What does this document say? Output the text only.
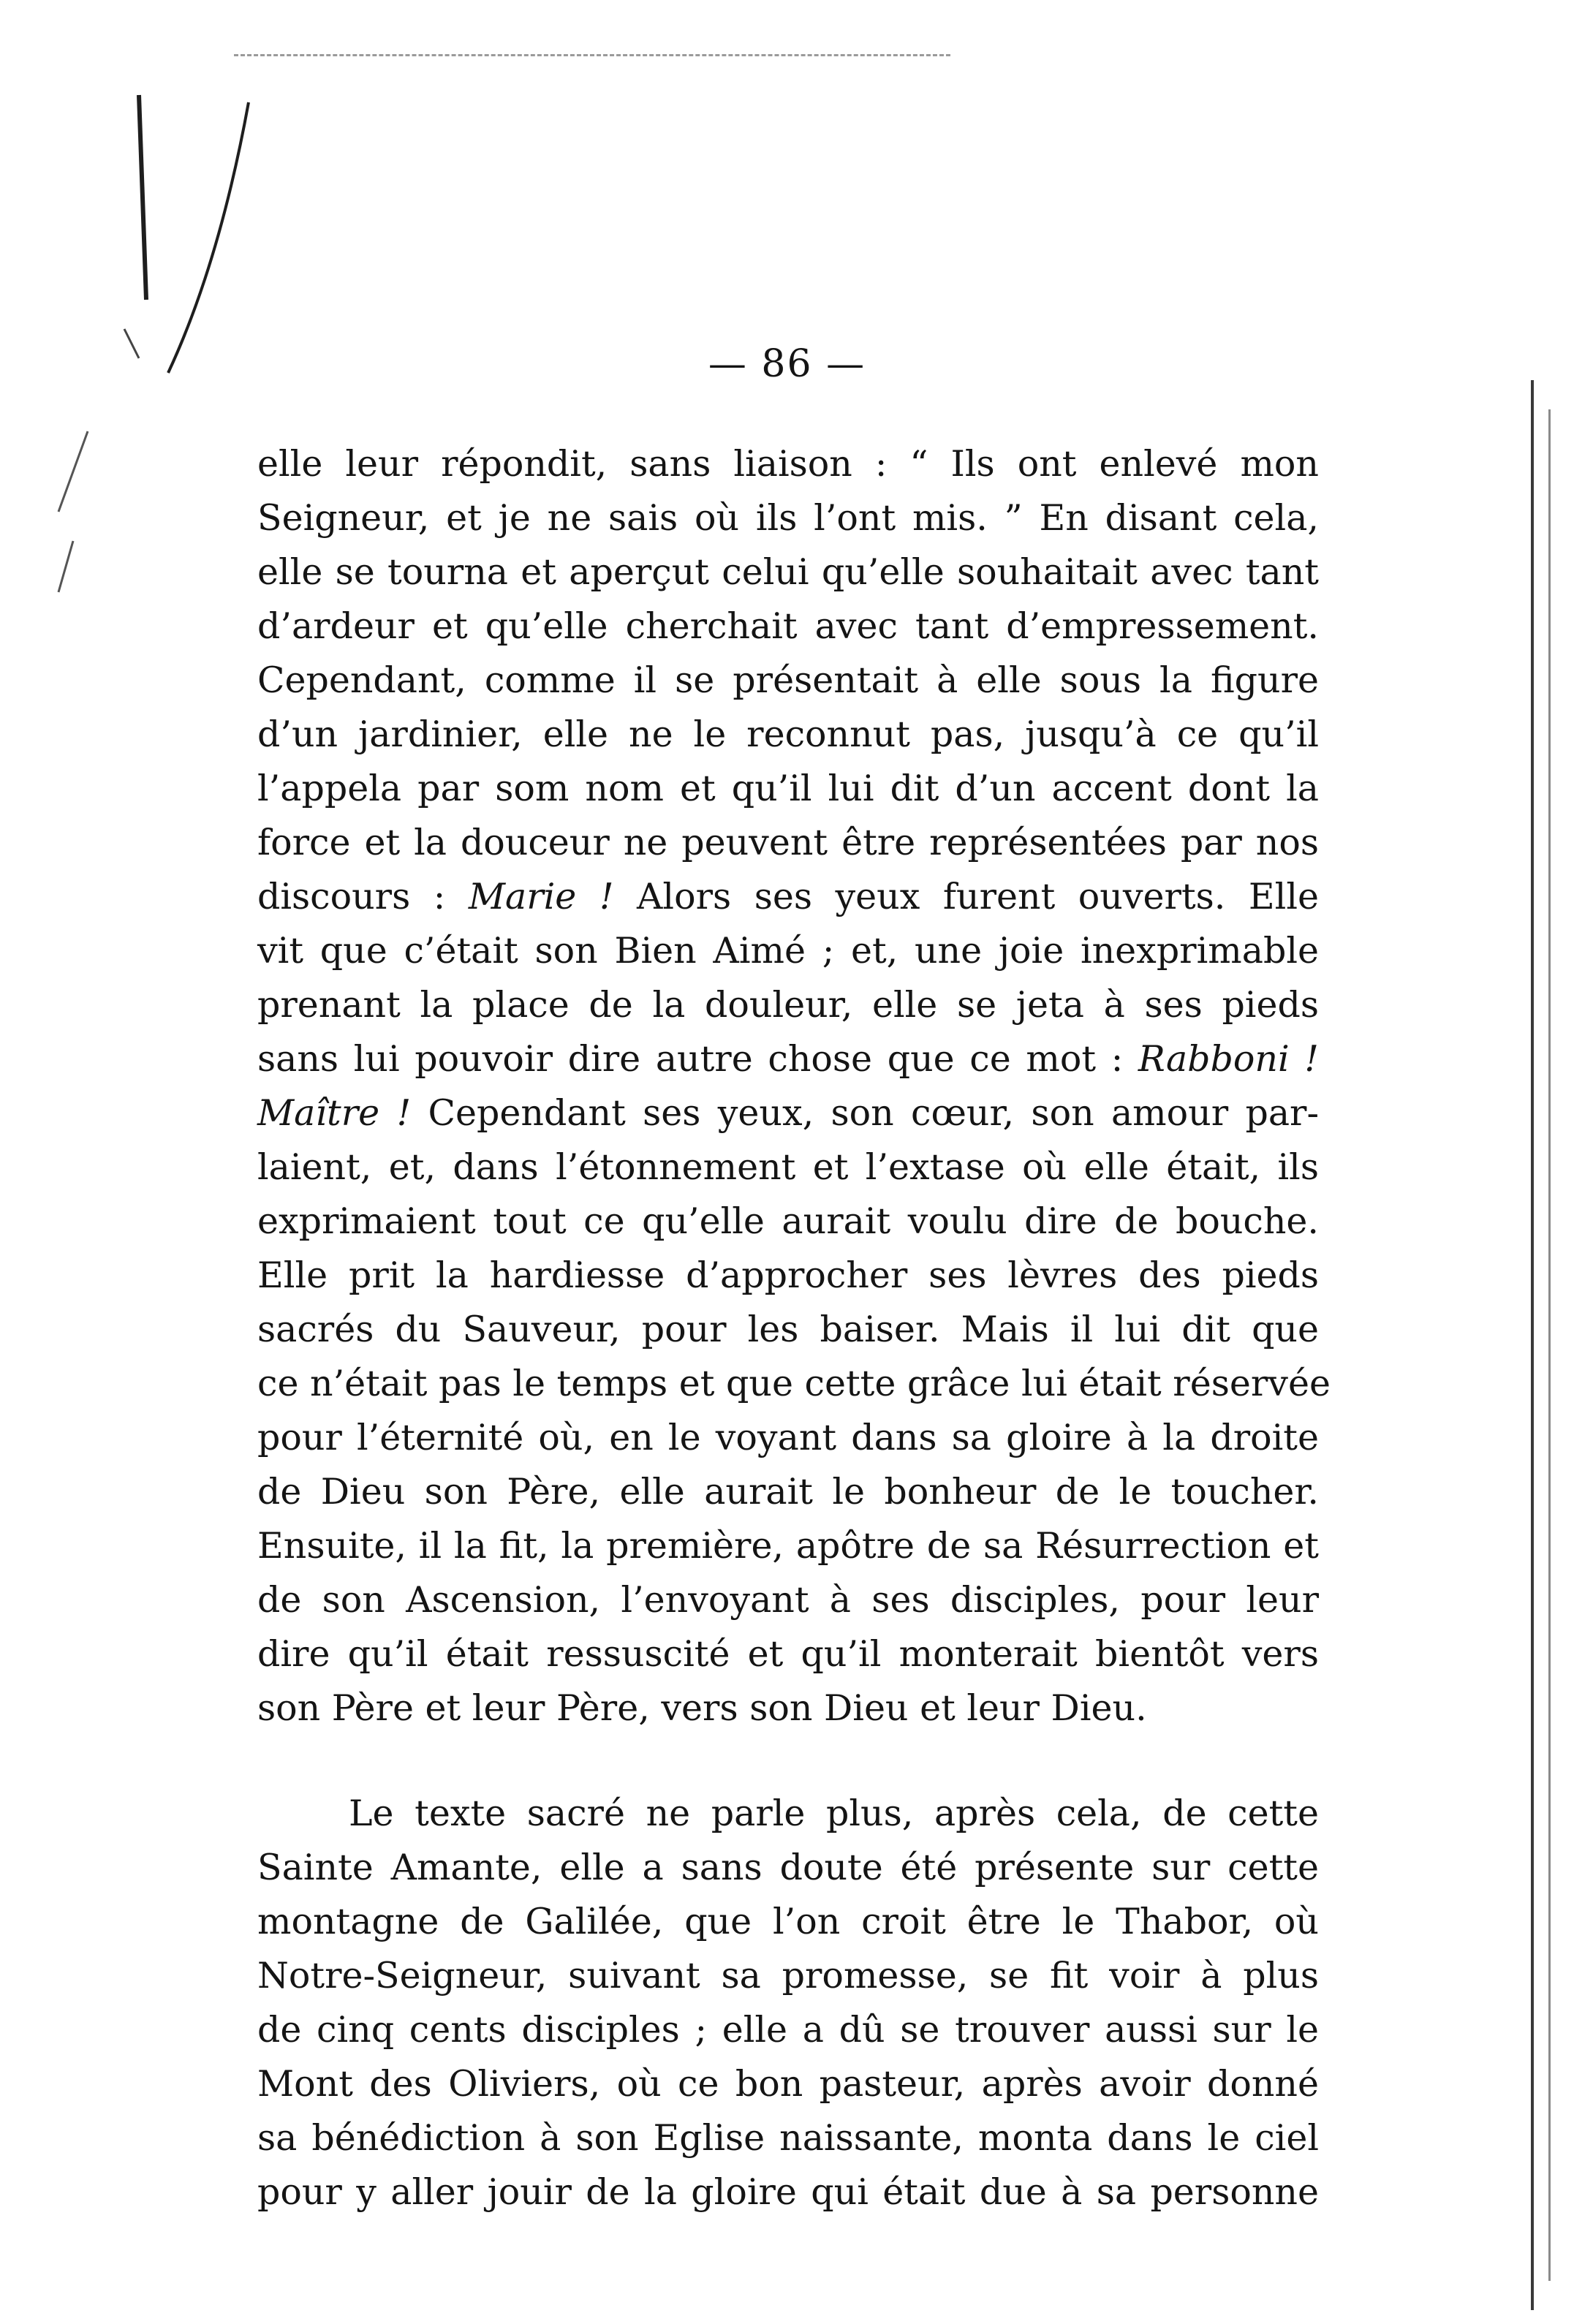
— 86 —
elle leur répondit, sans liaison : “ Ils ont enlevé mon
Seigneur, et je ne sais où ils l’ont mis. ” En disant cela,
elle se tourna et aperçut celui qu’elle souhaitait avec tant
d’ardeur et qu’elle cherchait avec tant d’empressement.
Cependant, comme il se présentait à elle sous la figure
d’un jardinier, elle ne le reconnut pas, jusqu’à ce qu’il
l’appela par som nom et qu’il lui dit d’un accent dont la
force et la douceur ne peuvent être représentées par nos
discours : Marie ! Alors ses yeux furent ouverts. Elle
vit que c’était son Bien Aimé ; et, une joie inexprimable
prenant la place de la douleur, elle se jeta à ses pieds
sans lui pouvoir dire autre chose que ce mot : Rabboni !
Maître ! Cependant ses yeux, son cœur, son amour par-
laient, et, dans l’étonnement et l’extase où elle était, ils
exprimaient tout ce qu’elle aurait voulu dire de bouche.
Elle prit la hardiesse d’approcher ses lèvres des pieds
sacrés du Sauveur, pour les baiser. Mais il lui dit que
ce n’était pas le temps et que cette grâce lui était réservée
pour l’éternité où, en le voyant dans sa gloire à la droite
de Dieu son Père, elle aurait le bonheur de le toucher.
Ensuite, il la fit, la première, apôtre de sa Résurrection et
de son Ascension, l’envoyant à ses disciples, pour leur
dire qu’il était ressuscité et qu’il monterait bientôt vers
son Père et leur Père, vers son Dieu et leur Dieu.
Le texte sacré ne parle plus, après cela, de cette
Sainte Amante, elle a sans doute été présente sur cette
montagne de Galilée, que l’on croit être le Thabor, où
Notre-Seigneur, suivant sa promesse, se fit voir à plus
de cinq cents disciples ; elle a dû se trouver aussi sur le
Mont des Oliviers, où ce bon pasteur, après avoir donné
sa bénédiction à son Eglise naissante, monta dans le ciel
pour y aller jouir de la gloire qui était due à sa personne
